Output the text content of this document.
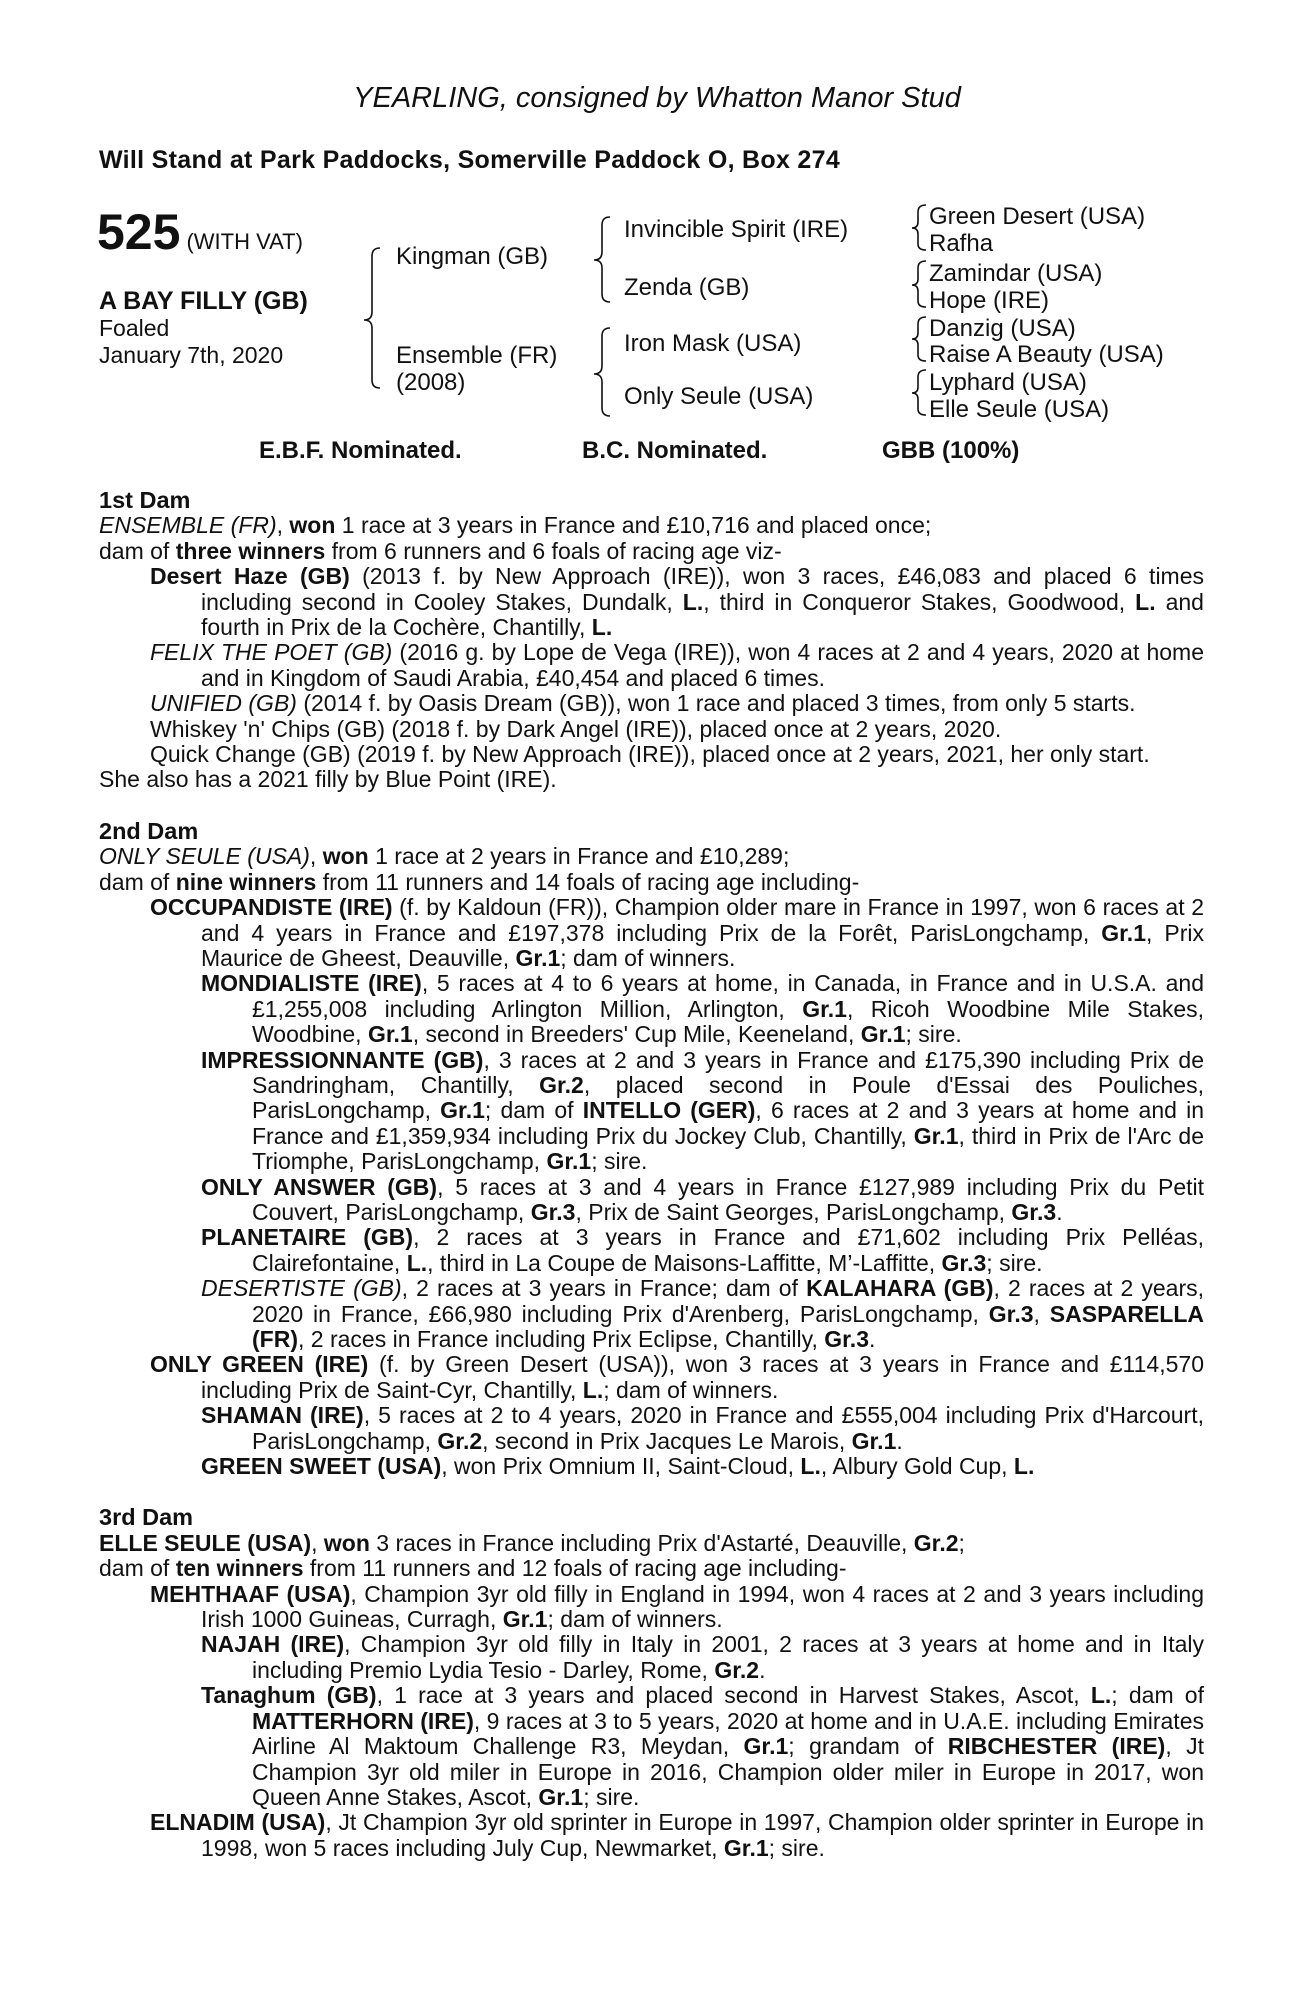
YEARLING, consigned by Whatton Manor Stud
Will Stand at Park Paddocks, Somerville Paddock O, Box 274
525 (WITH VAT)
A BAY FILLY (GB)
Foaled
January 7th, 2020
Kingman (GB)
Ensemble (FR)
(2008)
Invincible Spirit (IRE)
Zenda (GB)
Iron Mask (USA)
Only Seule (USA)
Green Desert (USA)
Rafha
Zamindar (USA)
Hope (IRE)
Danzig (USA)
Raise A Beauty (USA)
Lyphard (USA)
Elle Seule (USA)
E.B.F. Nominated.	B.C. Nominated.	GBB (100%)

1st Dam

ENSEMBLE (FR), won 1 race at 3 years in France and £10,716 and placed once;

dam of three winners from 6 runners and 6 foals of racing age viz-

Desert Haze (GB) (2013 f. by New Approach (IRE)), won 3 races, £46,083 and placed 6 times including second in Cooley Stakes, Dundalk, L., third in Conqueror Stakes, Goodwood, L. and fourth in Prix de la Cochère, Chantilly, L.

FELIX THE POET (GB) (2016 g. by Lope de Vega (IRE)), won 4 races at 2 and 4 years, 2020 at home and in Kingdom of Saudi Arabia, £40,454 and placed 6 times.

UNIFIED (GB) (2014 f. by Oasis Dream (GB)), won 1 race and placed 3 times, from only 5 starts.

Whiskey 'n' Chips (GB) (2018 f. by Dark Angel (IRE)), placed once at 2 years, 2020.

Quick Change (GB) (2019 f. by New Approach (IRE)), placed once at 2 years, 2021, her only start.

She also has a 2021 filly by Blue Point (IRE).

2nd Dam

ONLY SEULE (USA), won 1 race at 2 years in France and £10,289;

dam of nine winners from 11 runners and 14 foals of racing age including-

OCCUPANDISTE (IRE) (f. by Kaldoun (FR)), Champion older mare in France in 1997, won 6 races at 2 and 4 years in France and £197,378 including Prix de la Forêt, ParisLongchamp, Gr.1, Prix Maurice de Gheest, Deauville, Gr.1; dam of winners.

MONDIALISTE (IRE), 5 races at 4 to 6 years at home, in Canada, in France and in U.S.A. and £1,255,008 including Arlington Million, Arlington, Gr.1, Ricoh Woodbine Mile Stakes, Woodbine, Gr.1, second in Breeders' Cup Mile, Keeneland, Gr.1; sire.

IMPRESSIONNANTE (GB), 3 races at 2 and 3 years in France and £175,390 including Prix de Sandringham, Chantilly, Gr.2, placed second in Poule d'Essai des Pouliches, ParisLongchamp, Gr.1; dam of INTELLO (GER), 6 races at 2 and 3 years at home and in France and £1,359,934 including Prix du Jockey Club, Chantilly, Gr.1, third in Prix de l'Arc de Triomphe, ParisLongchamp, Gr.1; sire.

ONLY ANSWER (GB), 5 races at 3 and 4 years in France £127,989 including Prix du Petit Couvert, ParisLongchamp, Gr.3, Prix de Saint Georges, ParisLongchamp, Gr.3.

PLANETAIRE (GB), 2 races at 3 years in France and £71,602 including Prix Pelléas, Clairefontaine, L., third in La Coupe de Maisons-Laffitte, M’-Laffitte, Gr.3; sire.

DESERTISTE (GB), 2 races at 3 years in France; dam of KALAHARA (GB), 2 races at 2 years, 2020 in France, £66,980 including Prix d'Arenberg, ParisLongchamp, Gr.3, SASPARELLA (FR), 2 races in France including Prix Eclipse, Chantilly, Gr.3.

ONLY GREEN (IRE) (f. by Green Desert (USA)), won 3 races at 3 years in France and £114,570 including Prix de Saint-Cyr, Chantilly, L.; dam of winners.

SHAMAN (IRE), 5 races at 2 to 4 years, 2020 in France and £555,004 including Prix d'Harcourt, ParisLongchamp, Gr.2, second in Prix Jacques Le Marois, Gr.1.

GREEN SWEET (USA), won Prix Omnium II, Saint-Cloud, L., Albury Gold Cup, L.

3rd Dam

ELLE SEULE (USA), won 3 races in France including Prix d'Astarté, Deauville, Gr.2;

dam of ten winners from 11 runners and 12 foals of racing age including-

MEHTHAAF (USA), Champion 3yr old filly in England in 1994, won 4 races at 2 and 3 years including Irish 1000 Guineas, Curragh, Gr.1; dam of winners.

NAJAH (IRE), Champion 3yr old filly in Italy in 2001, 2 races at 3 years at home and in Italy including Premio Lydia Tesio - Darley, Rome, Gr.2.

Tanaghum (GB), 1 race at 3 years and placed second in Harvest Stakes, Ascot, L.; dam of MATTERHORN (IRE), 9 races at 3 to 5 years, 2020 at home and in U.A.E. including Emirates Airline Al Maktoum Challenge R3, Meydan, Gr.1; grandam of RIBCHESTER (IRE), Jt Champion 3yr old miler in Europe in 2016, Champion older miler in Europe in 2017, won Queen Anne Stakes, Ascot, Gr.1; sire.

ELNADIM (USA), Jt Champion 3yr old sprinter in Europe in 1997, Champion older sprinter in Europe in 1998, won 5 races including July Cup, Newmarket, Gr.1; sire.
